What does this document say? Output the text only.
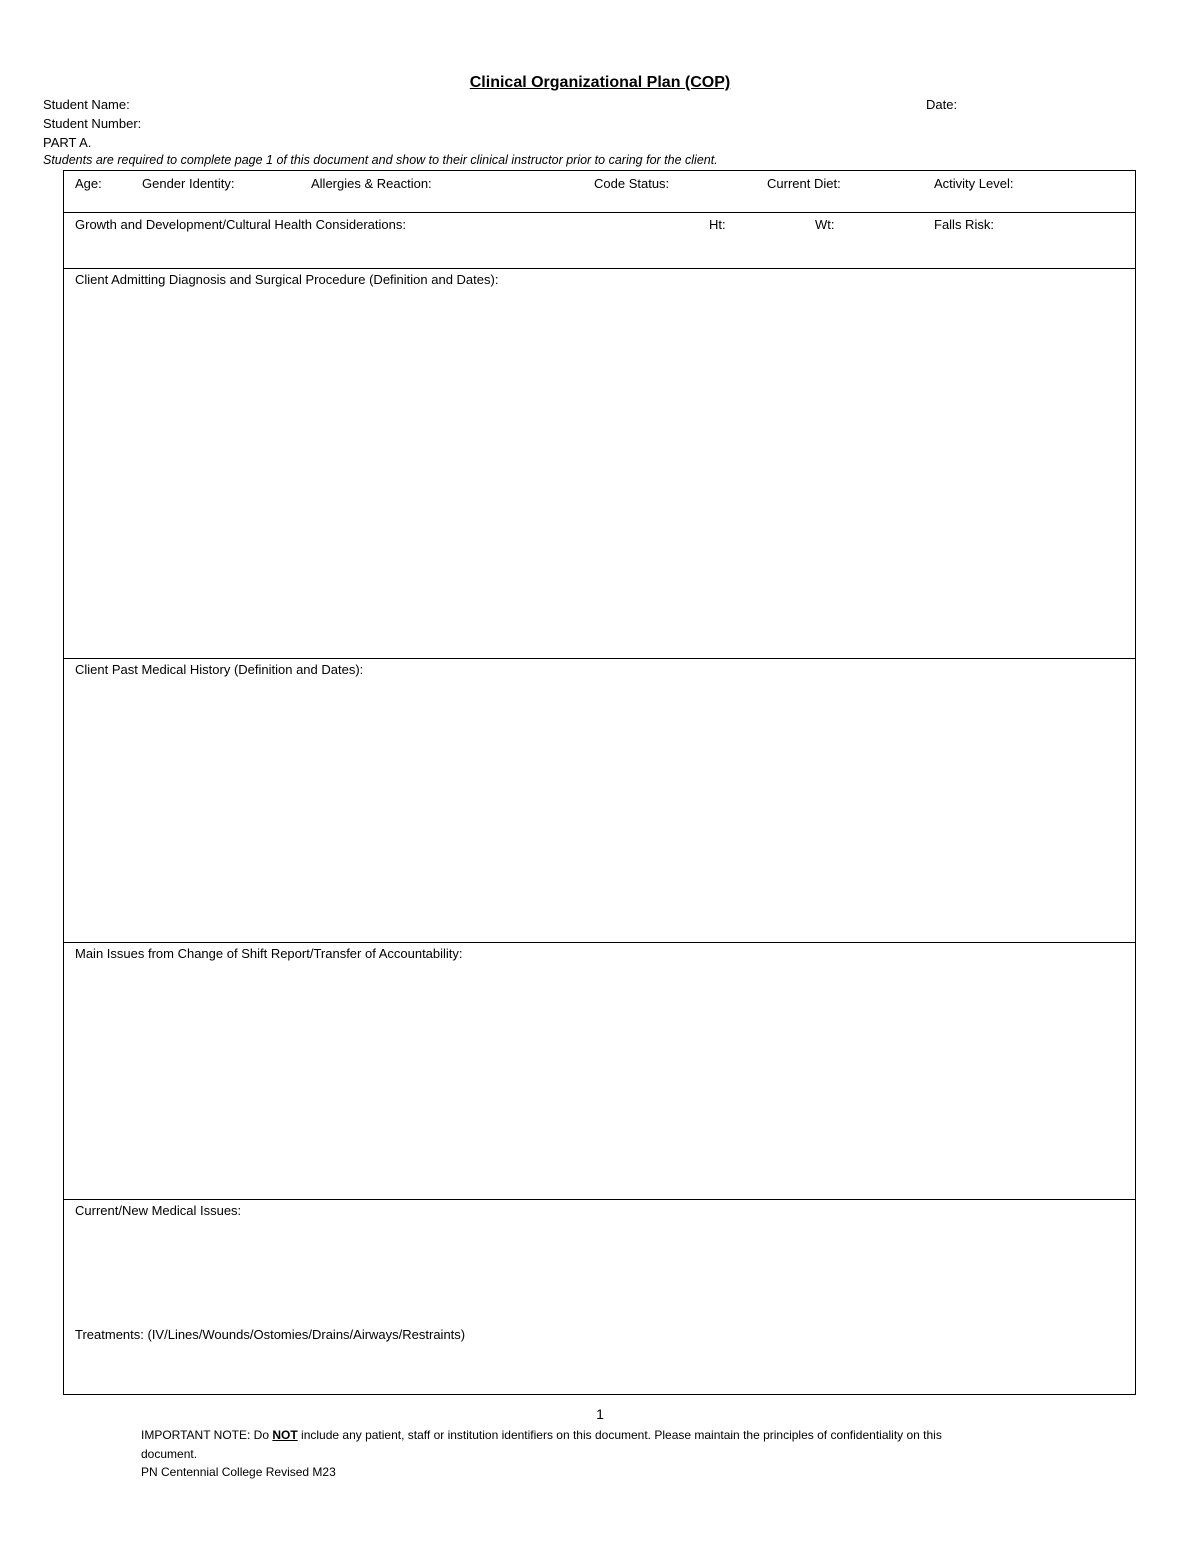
Clinical Organizational Plan (COP)
Student Name:	Date:
Student Number:
PART A.
Students are required to complete page 1 of this document and show to their clinical instructor prior to caring for the client.
Age:	Gender Identity:	Allergies & Reaction:	Code Status:	Current Diet:	Activity Level:
Growth and Development/Cultural Health Considerations:	Ht:	Wt:	Falls Risk:
Client Admitting Diagnosis and Surgical Procedure (Definition and Dates):
Client Past Medical History (Definition and Dates):
Main Issues from Change of Shift Report/Transfer of Accountability:
Current/New Medical Issues:
Treatments: (IV/Lines/Wounds/Ostomies/Drains/Airways/Restraints)
1
IMPORTANT NOTE: Do NOT include any patient, staff or institution identifiers on this document. Please maintain the principles of confidentiality on this document.
PN Centennial College Revised M23
